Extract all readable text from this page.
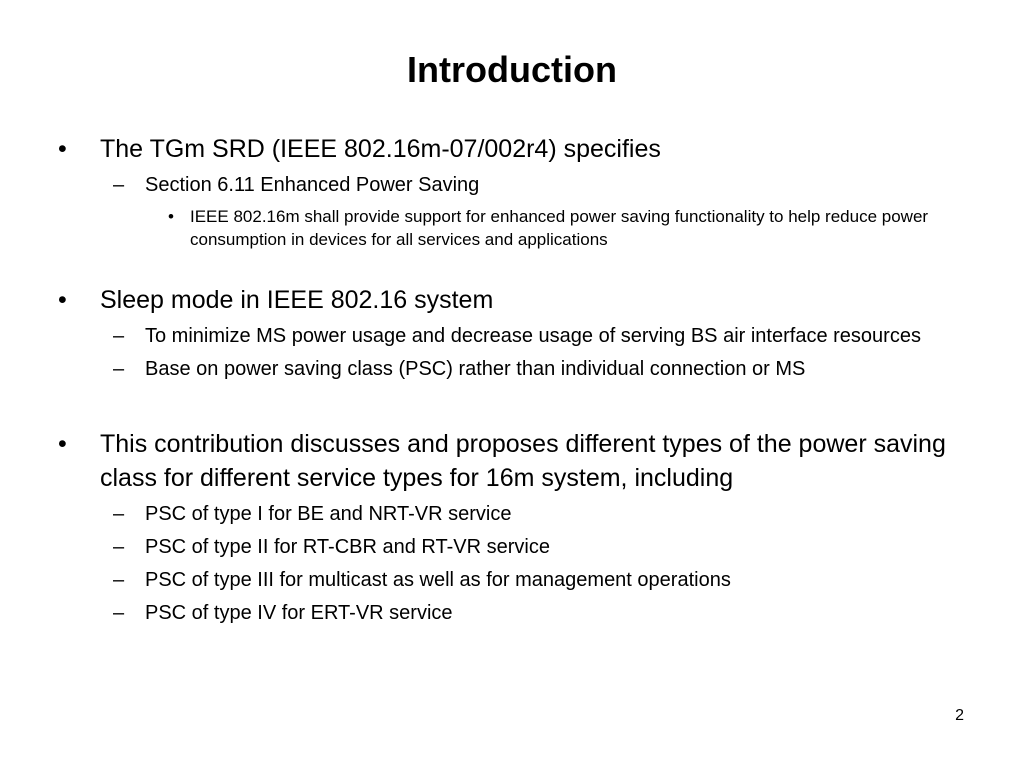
Introduction
•	The TGm SRD (IEEE 802.16m-07/002r4) specifies
– Section 6.11 Enhanced Power Saving
• IEEE 802.16m shall provide support for enhanced power saving functionality to help reduce power consumption in devices for all services and applications
•	Sleep mode in IEEE 802.16 system
– To minimize MS power usage and decrease usage of serving BS air interface resources
– Base on power saving class (PSC) rather than individual connection or MS
•	This contribution discusses and proposes different types of the power saving class for different service types for 16m system, including
– PSC of type I for BE and NRT-VR service
– PSC of type II for RT-CBR and RT-VR service
– PSC of type III for multicast as well as for management operations
– PSC of type IV for ERT-VR service
2
